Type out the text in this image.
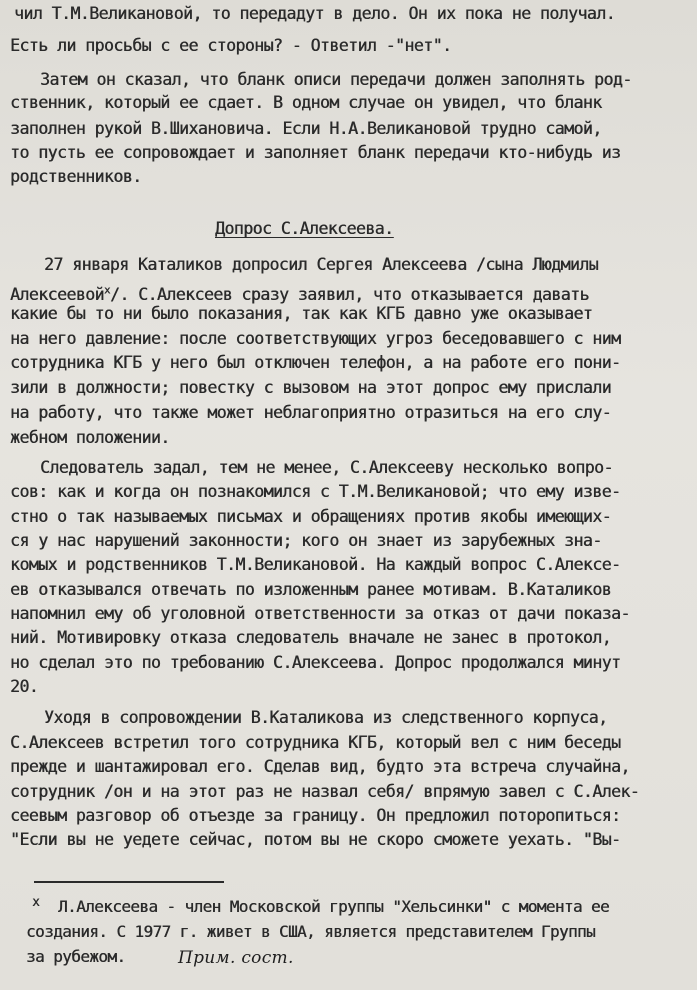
чил Т.М.Великановой, то передадут в дело. Он их пока не получал.
Есть ли просьбы с ее стороны? - Ответил -"нет".
Затем он сказал, что бланк описи передачи должен заполнять род-
ственник, который ее сдает. В одном случае он увидел, что бланк
заполнен рукой В.Шихановича. Если Н.А.Великановой трудно самой,
то пусть ее сопровождает и заполняет бланк передачи кто-нибудь из
родственников.
Допрос С.Алексеева.
27 января Каталиков допросил Сергея Алексеева /сына Людмилы
Алексеевой$^х$/. С.Алексеев сразу заявил, что отказывается давать
какие бы то ни было показания, так как КГБ давно уже оказывает
на него давление: после соответствующих угроз беседовавшего с ним
сотрудника КГБ у него был отключен телефон, а на работе его пони-
зили в должности; повестку с вызовом на этот допрос ему прислали
на работу, что также может неблагоприятно отразиться на его слу-
жебном положении.
Следователь задал, тем не менее, С.Алексееву несколько вопро-
сов: как и когда он познакомился с Т.М.Великановой; что ему изве-
стно о так называемых письмах и обращениях против якобы имеющих-
ся у нас нарушений законности; кого он знает из зарубежных зна-
комых и родственников Т.М.Великановой. На каждый вопрос С.Алексе-
ев отказывался отвечать по изложенным ранее мотивам. В.Каталиков
напомнил ему об уголовной ответственности за отказ от дачи показа-
ний. Мотивировку отказа следователь вначале не занес в протокол,
но сделал это по требованию С.Алексеева. Допрос продолжался минут
20.
Уходя в сопровождении В.Каталикова из следственного корпуса,
С.Алексеев встретил того сотрудника КГБ, который вел с ним беседы
прежде и шантажировал его. Сделав вид, будто эта встреча случайна,
сотрудник /он и на этот раз не назвал себя/ впрямую завел с С.Алек-
сеевым разговор об отъезде за границу. Он предложил поторопиться:
"Если вы не уедете сейчас, потом вы не скоро сможете уехать. "Вы-
х Л.Алексеева - член Московской группы "Хельсинки" с момента ее
создания. С 1977 г. живет в США, является представителем Группы
за рубежом.	Прим. сост.
